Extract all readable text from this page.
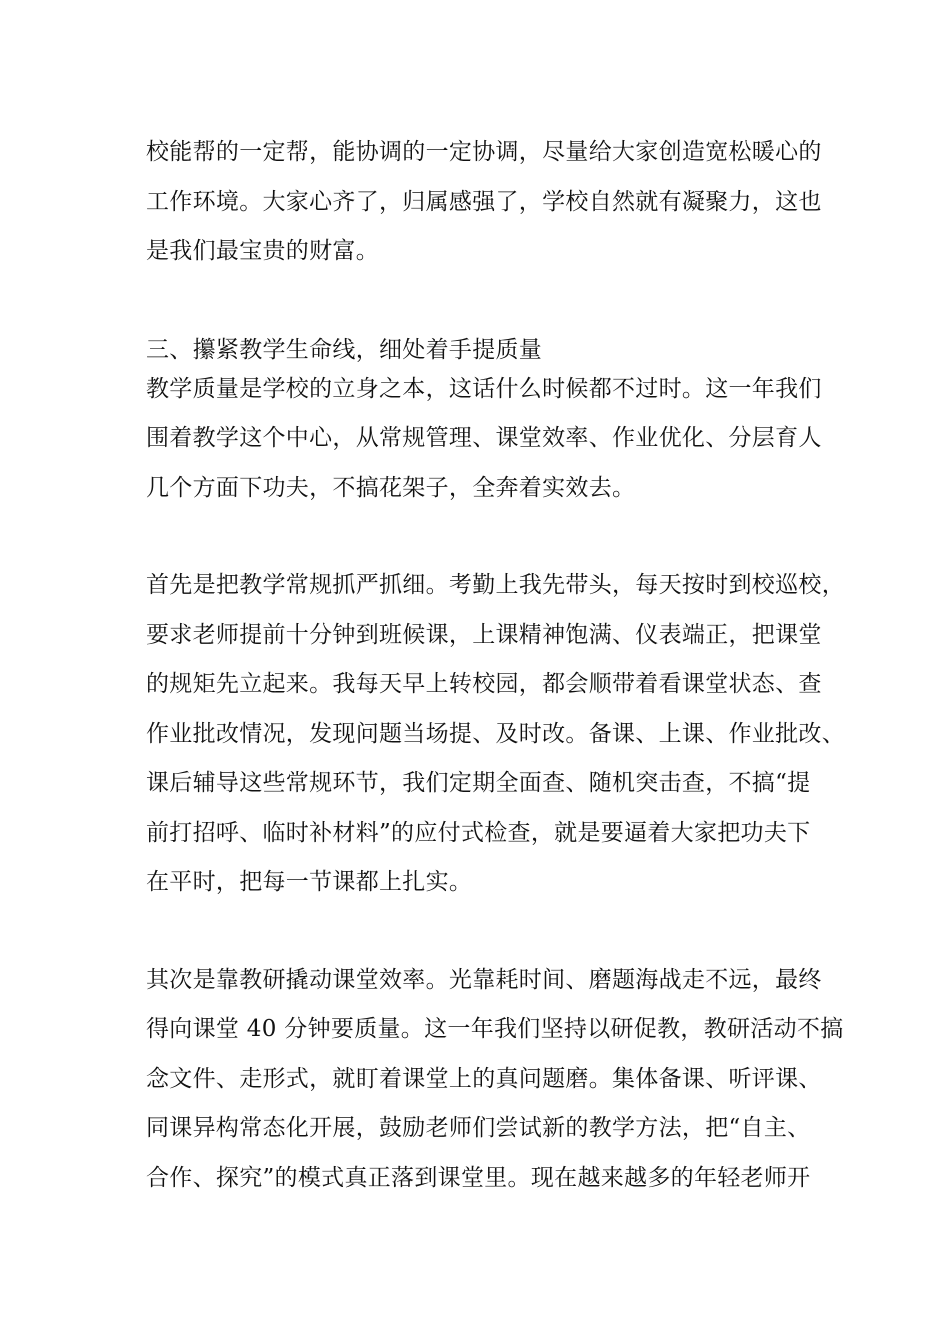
校能帮的一定帮，能协调的一定协调，尽量给大家创造宽松暖心的
工作环境。大家心齐了，归属感强了，学校自然就有凝聚力，这也
是我们最宝贵的财富。

三、攥紧教学生命线，细处着手提质量

教学质量是学校的立身之本，这话什么时候都不过时。这一年我们
围着教学这个中心，从常规管理、课堂效率、作业优化、分层育人
几个方面下功夫，不搞花架子，全奔着实效去。

首先是把教学常规抓严抓细。考勤上我先带头，每天按时到校巡校，
要求老师提前十分钟到班候课，上课精神饱满、仪表端正，把课堂
的规矩先立起来。我每天早上转校园，都会顺带着看课堂状态、查
作业批改情况，发现问题当场提、及时改。备课、上课、作业批改、
课后辅导这些常规环节，我们定期全面查、随机突击查，不搞“提
前打招呼、临时补材料”的应付式检查，就是要逼着大家把功夫下
在平时，把每一节课都上扎实。

其次是靠教研撬动课堂效率。光靠耗时间、磨题海战走不远，最终
得向课堂 40 分钟要质量。这一年我们坚持以研促教，教研活动不搞
念文件、走形式，就盯着课堂上的真问题磨。集体备课、听评课、
同课异构常态化开展，鼓励老师们尝试新的教学方法，把“自主、
合作、探究”的模式真正落到课堂里。现在越来越多的年轻老师开
